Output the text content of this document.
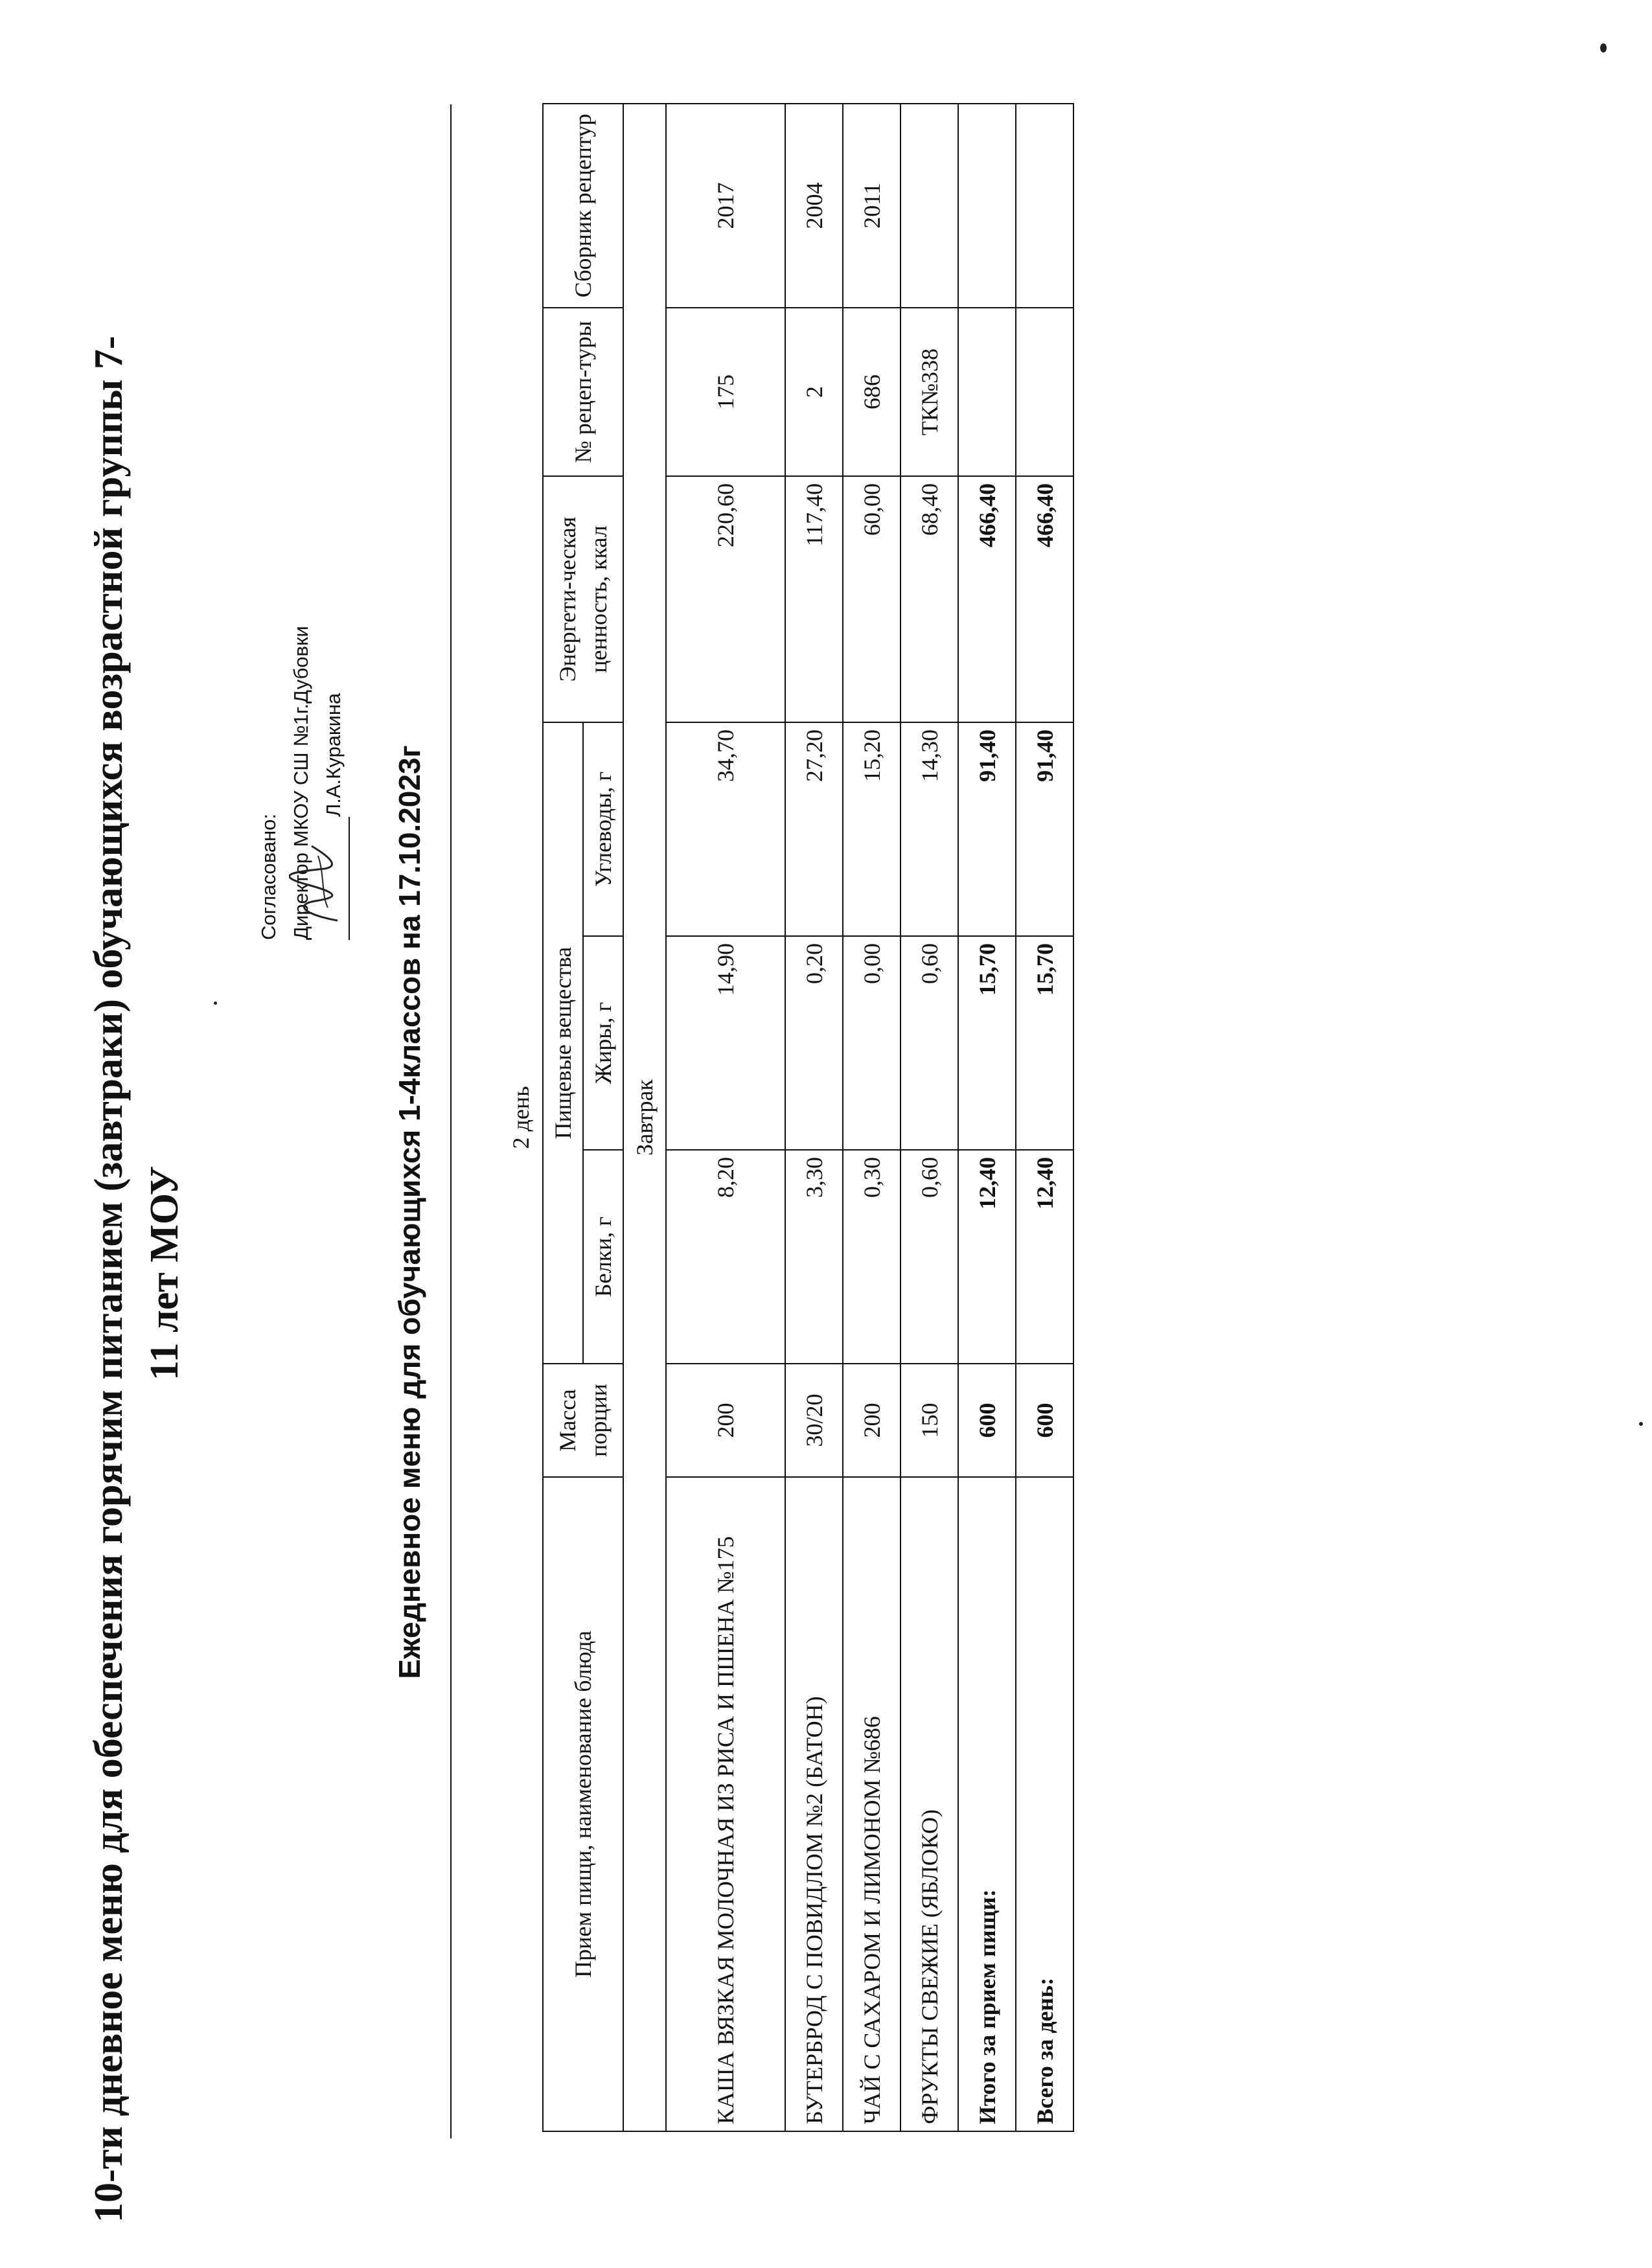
10-ти дневное меню для обеспечения горячим питанием (завтраки) обучающихся возрастной группы 7- 11 лет МОУ
Согласовано: Директор МКОУ СШ №1г.Дубовки Л.А.Куракина Ежедневное меню для обучающихся 1-4классов на 17.10.2023г	2 день							
Прием пищи, наименование блюда	Масса порции	Пищевые вещества			Энергети-ческая ценность, ккал	№ рецеп-туры	Сборник рецептур
		Белки, г	Жиры, г	Углеводы, г			
Завтрак							
КАША ВЯЗКАЯ МОЛОЧНАЯ ИЗ РИСА И ПШЕНА №175	200	8,20	14,90	34,70	220,60	175	2017
БУТЕРБРОД С ПОВИДЛОМ №2 (БАТОН)	30/20	3,30	0,20	27,20	117,40	2	2004
ЧАЙ С САХАРОМ И ЛИМОНОМ №686	200	0,30	0,00	15,20	60,00	686	2011
ФРУКТЫ СВЕЖИЕ (ЯБЛОКО)	150	0,60	0,60	14,30	68,40	ТК№338	
Итого за прием пищи:	600	12,40	15,70	91,40	466,40		
Всего за день:	600	12,40	15,70	91,40	466,40		
